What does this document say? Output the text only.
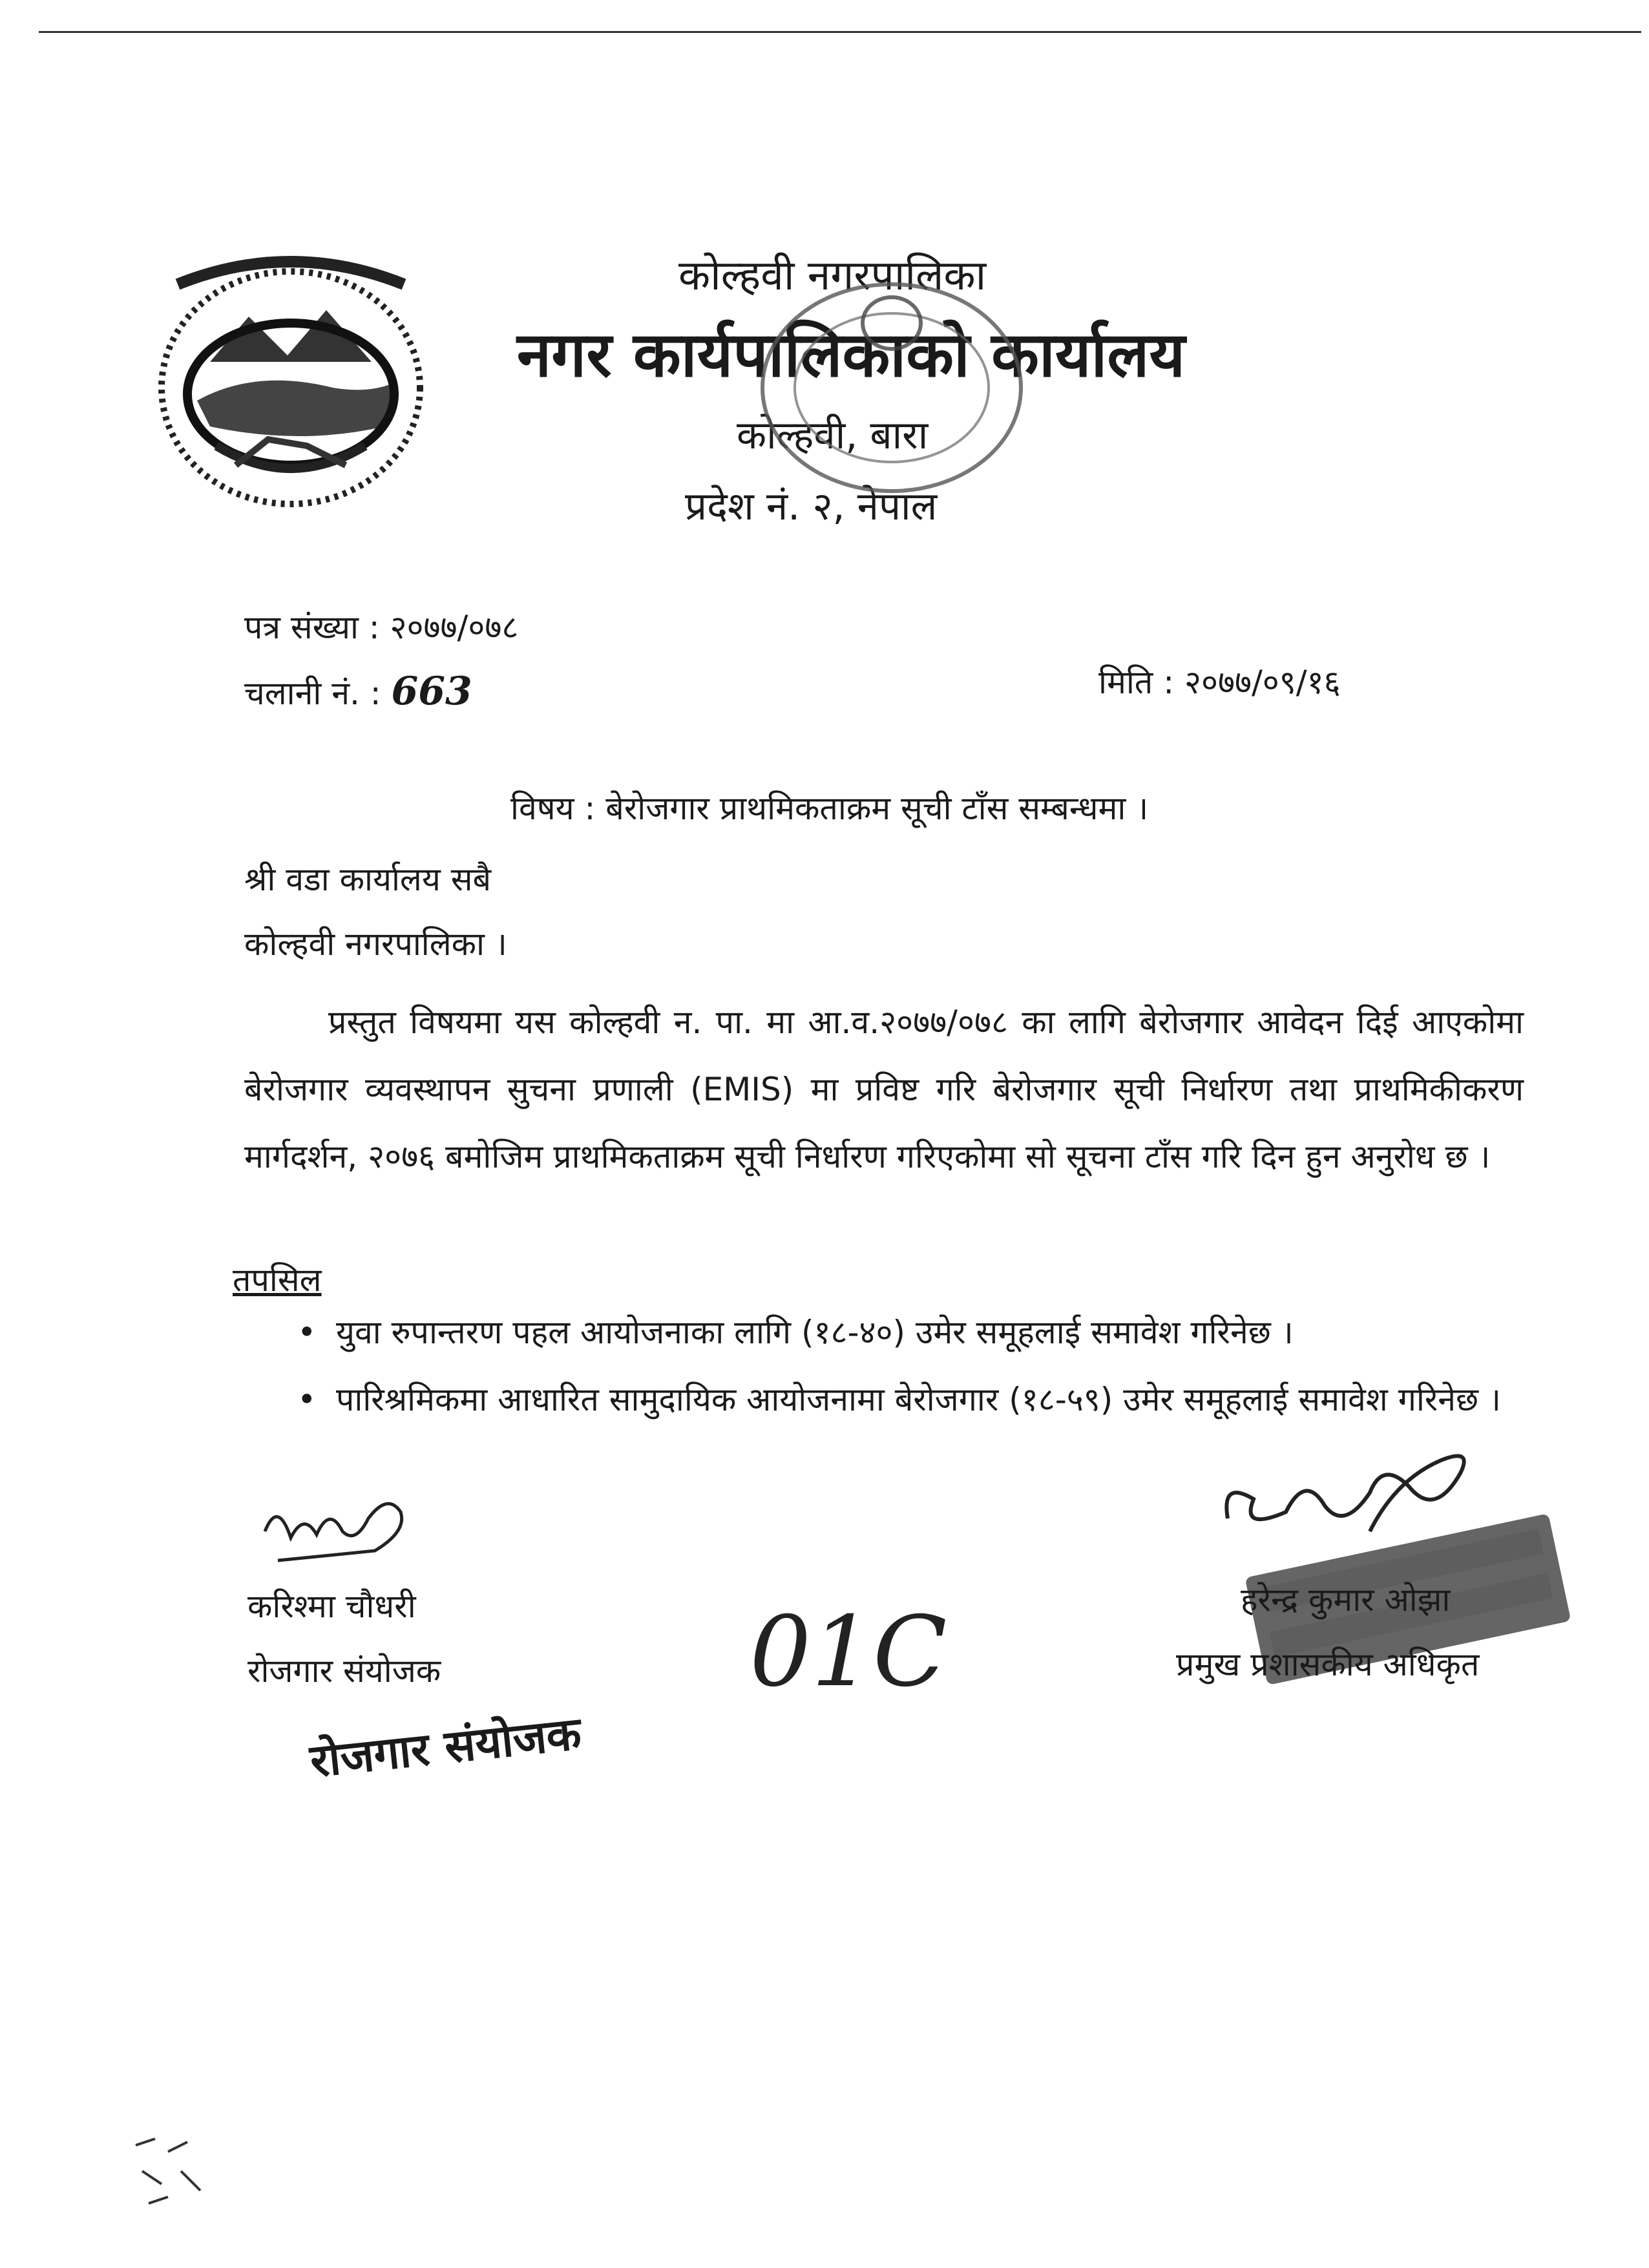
कोल्हवी नगरपालिका
नगर कार्यपालिकाको कार्यालय
कोल्हवी, बारा
प्रदेश नं. २, नेपाल
पत्र संख्या : २०७७/०७८
चलानी नं. : 663	मिति : २०७७/०९/१६
विषय : बेरोजगार प्राथमिकताक्रम सूची टाँस सम्बन्धमा ।
श्री वडा कार्यालय सबै
कोल्हवी नगरपालिका ।
प्रस्तुत विषयमा यस कोल्हवी न. पा. मा आ.व.२०७७/०७८ का लागि बेरोजगार आवेदन दिई आएकोमा बेरोजगार व्यवस्थापन सुचना प्रणाली (EMIS) मा प्रविष्ट गरि बेरोजगार सूची निर्धारण तथा प्राथमिकीकरण मार्गदर्शन, २०७६ बमोजिम प्राथमिकताक्रम सूची निर्धारण गरिएकोमा सो सूचना टाँस गरि दिन हुन अनुरोध छ ।
तपसिल
• युवा रुपान्तरण पहल आयोजनाका लागि (१८-४०) उमेर समूहलाई समावेश गरिनेछ ।
• पारिश्रमिकमा आधारित सामुदायिक आयोजनामा बेरोजगार (१८-५९) उमेर समूहलाई समावेश गरिनेछ ।
करिश्मा चौधरी
रोजगार संयोजक
रोजगार संयोजक
01C	हरेन्द्र कुमार ओझा
प्रमुख प्रशासकीय अधिकृत
